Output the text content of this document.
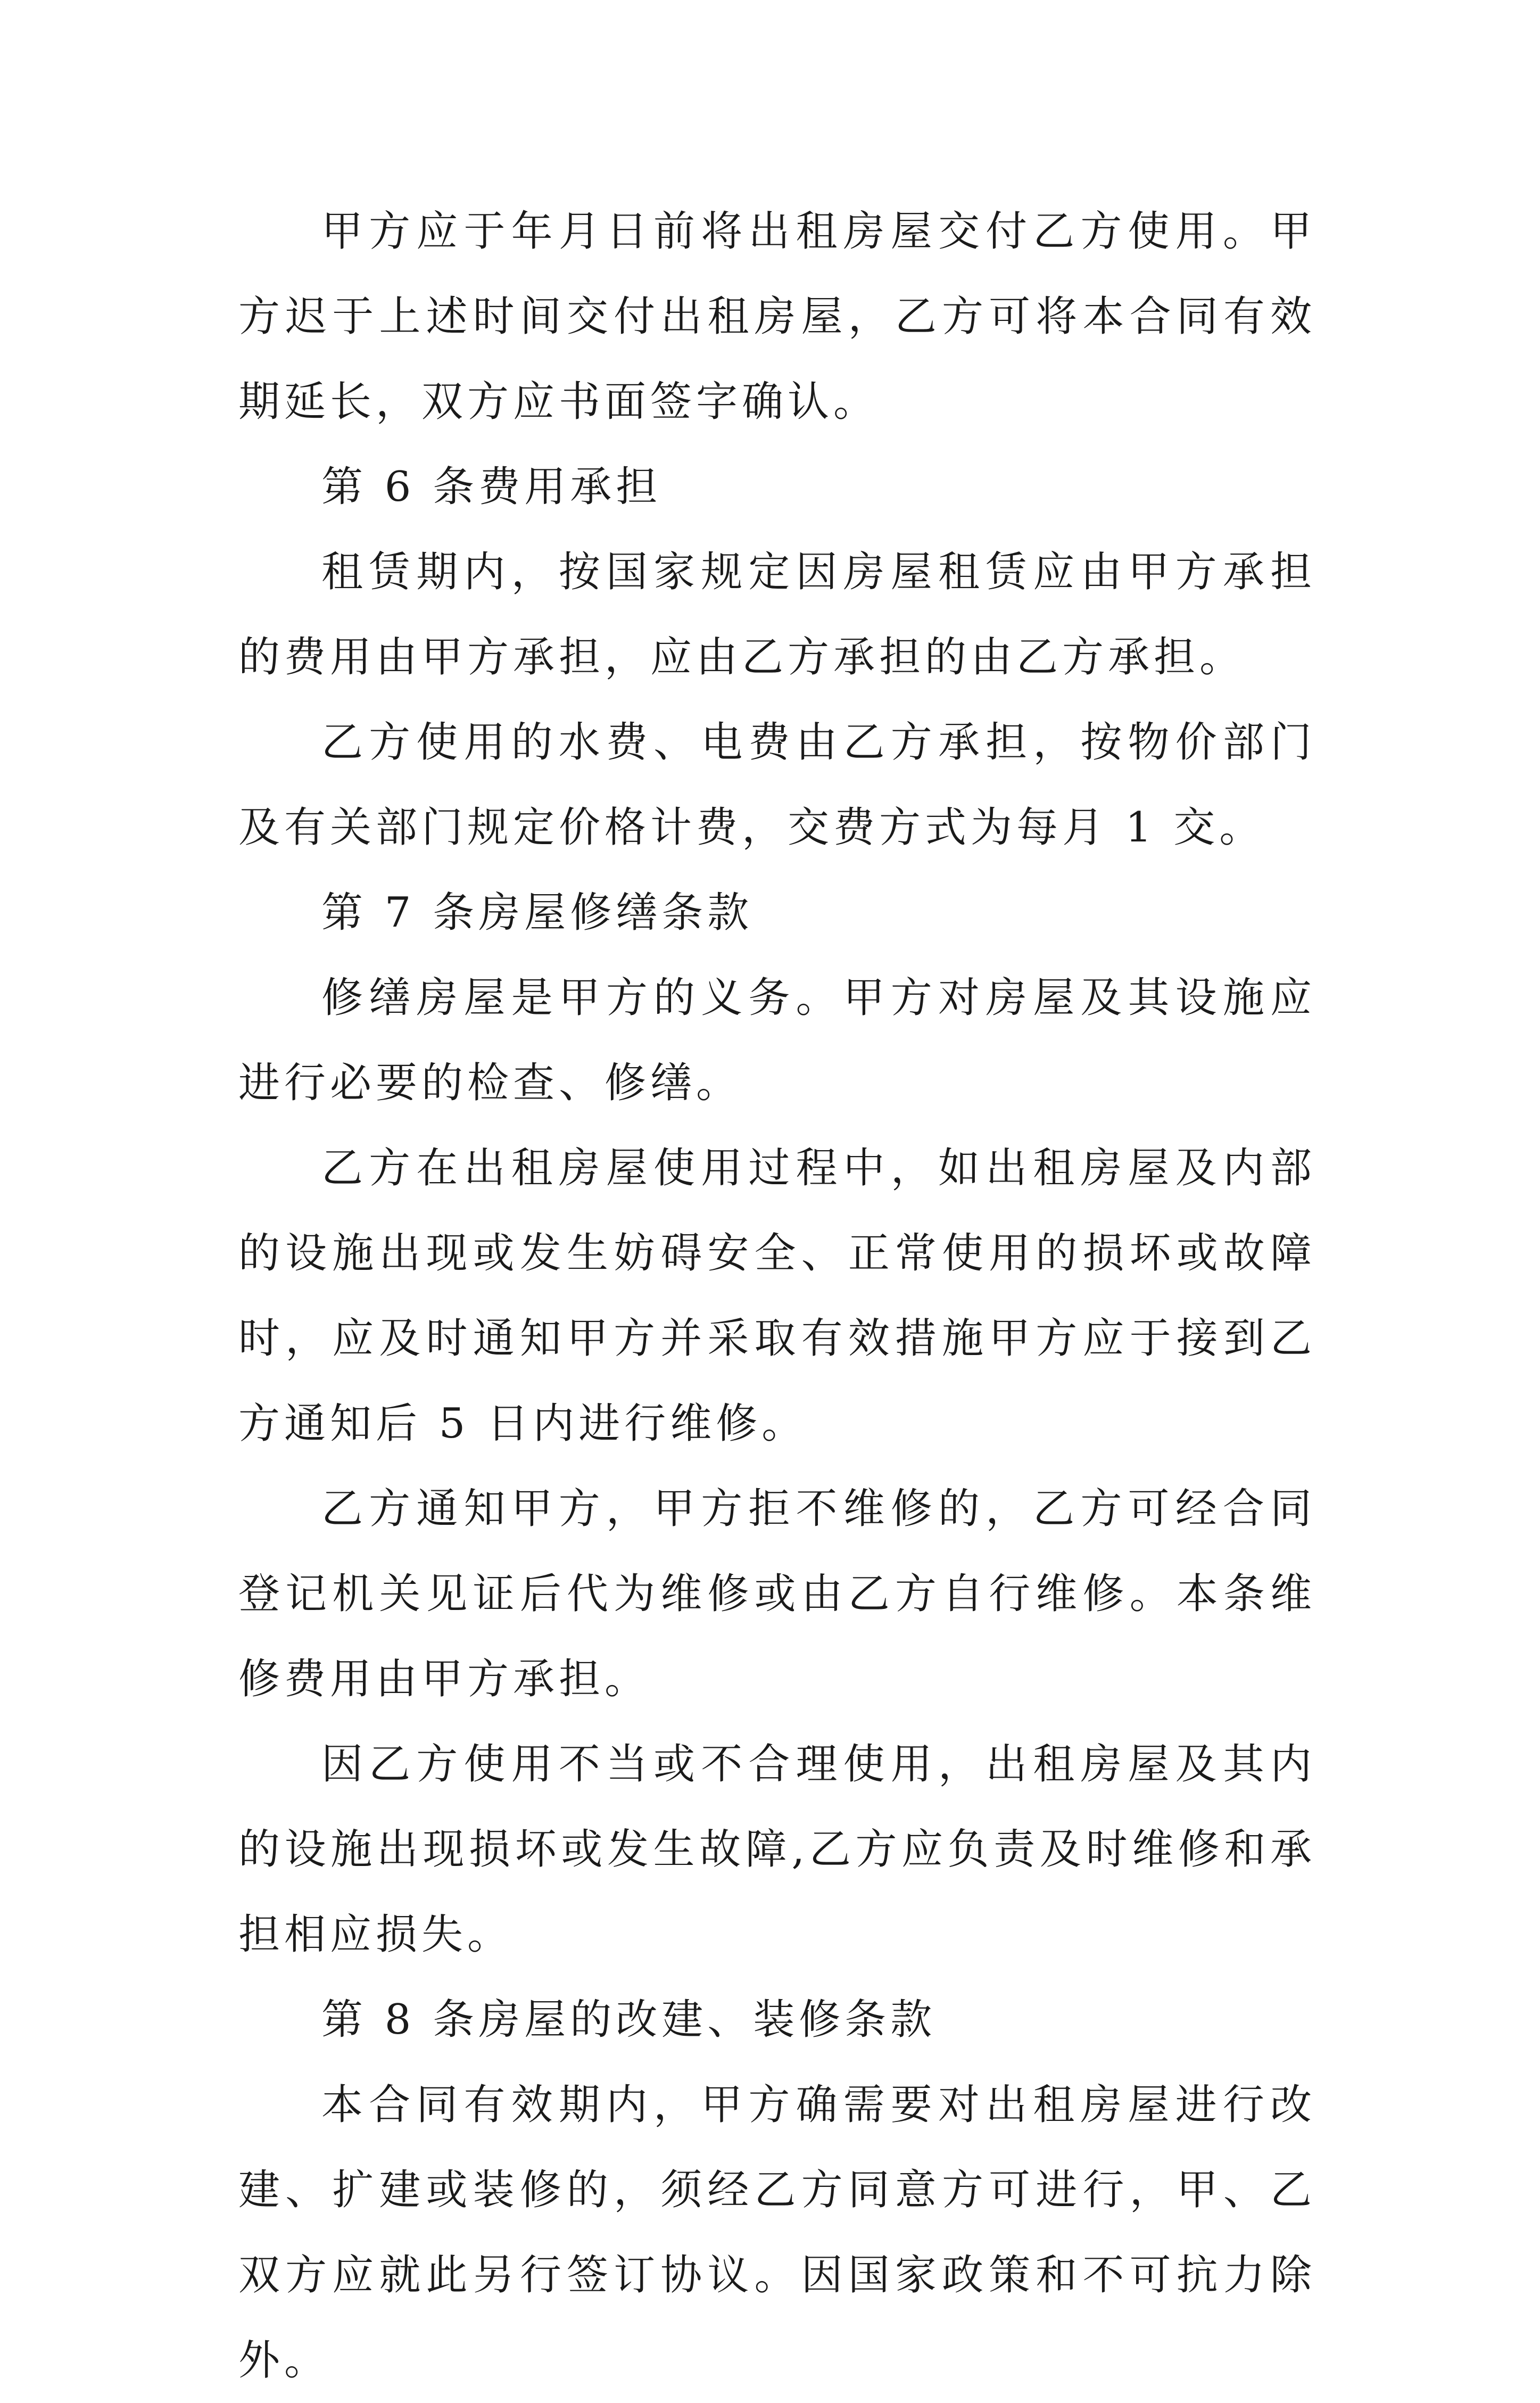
甲方应于年月日前将出租房屋交付乙方使用。甲方迟于上述时间交付出租房屋，乙方可将本合同有效期延长，双方应书面签字确认。

第 6 条费用承担

租赁期内，按国家规定因房屋租赁应由甲方承担的费用由甲方承担，应由乙方承担的由乙方承担。

乙方使用的水费、电费由乙方承担，按物价部门及有关部门规定价格计费，交费方式为每月 1 交。

第 7 条房屋修缮条款

修缮房屋是甲方的义务。甲方对房屋及其设施应进行必要的检查、修缮。

乙方在出租房屋使用过程中，如出租房屋及内部的设施出现或发生妨碍安全、正常使用的损坏或故障时，应及时通知甲方并采取有效措施甲方应于接到乙方通知后 5 日内进行维修。

乙方通知甲方，甲方拒不维修的，乙方可经合同登记机关见证后代为维修或由乙方自行维修。本条维修费用由甲方承担。

因乙方使用不当或不合理使用，出租房屋及其内的设施出现损坏或发生故障,乙方应负责及时维修和承担相应损失。

第 8 条房屋的改建、装修条款

本合同有效期内，甲方确需要对出租房屋进行改建、扩建或装修的，须经乙方同意方可进行，甲、乙双方应就此另行签订协议。因国家政策和不可抗力除外。
